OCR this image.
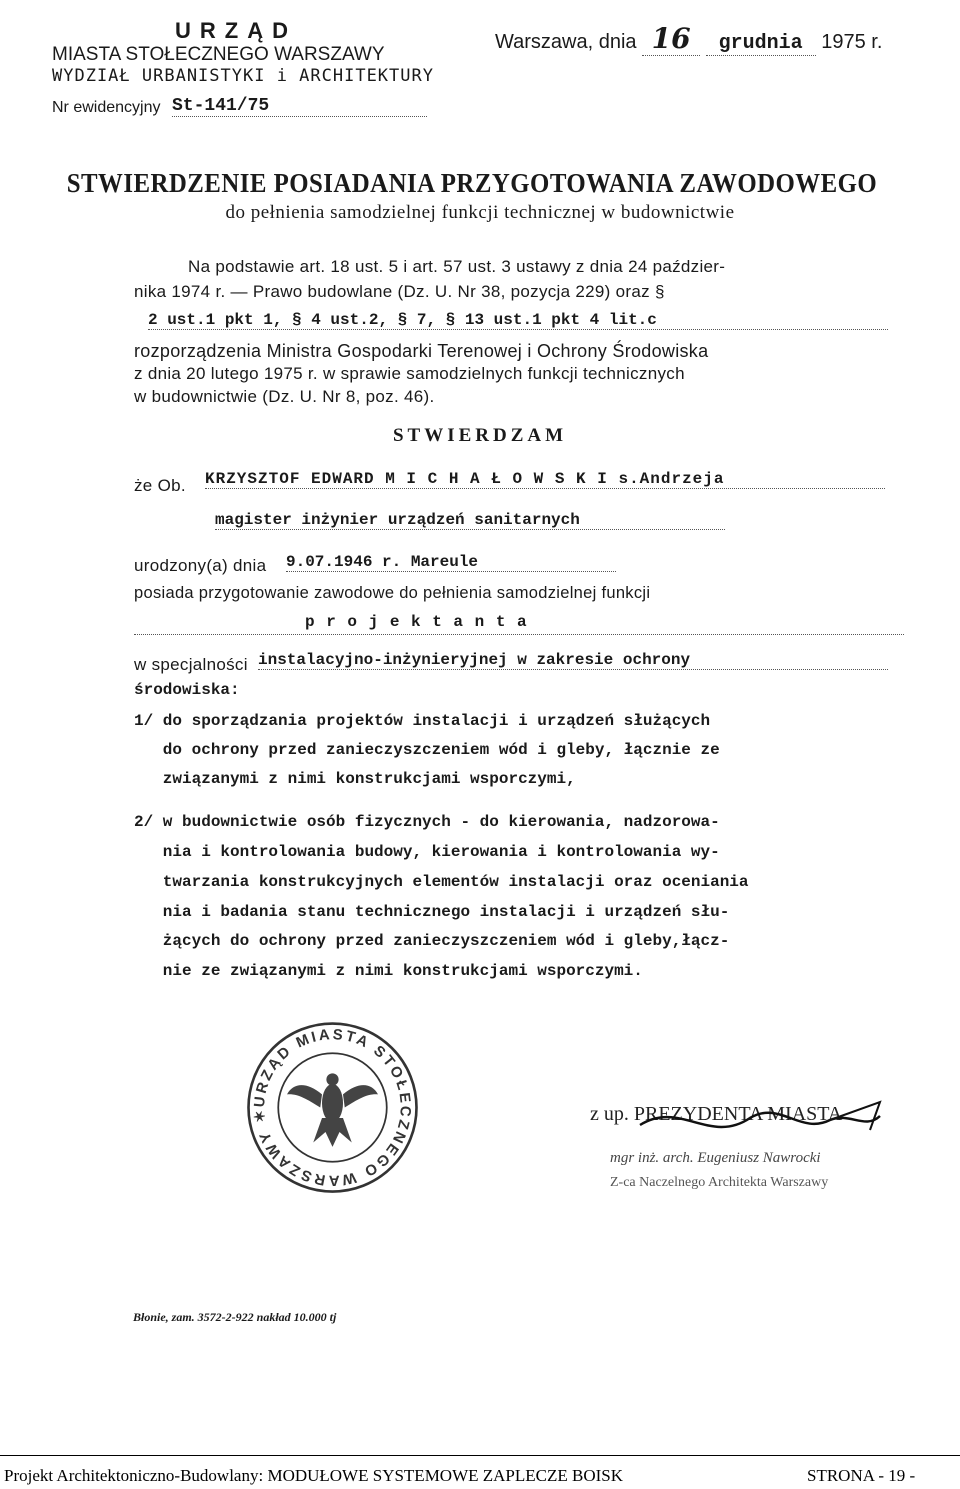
URZĄD
MIASTA STOŁECZNEGO WARSZAWY
WYDZIAŁ URBANISTYKI i ARCHITEKTURY
Nr ewidencyjny St-141/75
Warszawa, dnia 16 grudnia 1975 r.
STWIERDZENIE POSIADANIA PRZYGOTOWANIA ZAWODOWEGO
do pełnienia samodzielnej funkcji technicznej w budownictwie
Na podstawie art. 18 ust. 5 i art. 57 ust. 3 ustawy z dnia 24 paździer-
nika 1974 r. — Prawo budowlane (Dz. U. Nr 38, pozycja 229) oraz §
2 ust.1 pkt 1, § 4 ust.2, § 7, § 13 ust.1 pkt 4 lit.c
rozporządzenia Ministra Gospodarki Terenowej i Ochrony Środowiska
z dnia 20 lutego 1975 r. w sprawie samodzielnych funkcji technicznych
w budownictwie (Dz. U. Nr 8, poz. 46).
STWIERDZAM
że Ob. KRZYSZTOF EDWARD M I C H A Ł O W S K I s.Andrzeja
magister inżynier urządzeń sanitarnych
urodzony(a) dnia 9.07.1946 r. Mareule
posiada przygotowanie zawodowe do pełnienia samodzielnej funkcji
p r o j e k t a n t a
w specjalności instalacyjno-inżynieryjnej w zakresie ochrony
środowiska:
1/ do sporządzania projektów instalacji i urządzeń służących
do ochrony przed zanieczyszczeniem wód i gleby, łącznie ze
związanymi z nimi konstrukcjami wsporczymi,
2/ w budownictwie osób fizycznych - do kierowania, nadzorowa-
nia i kontrolowania budowy, kierowania i kontrolowania wy-
twarzania konstrukcyjnych elementów instalacji oraz oceniania
nia i badania stanu technicznego instalacji i urządzeń słu-
żących do ochrony przed zanieczyszczeniem wód i gleby,łącz-
nie ze związanymi z nimi konstrukcjami wsporczymi.
URZĄD MIASTA STOŁECZNEGO WARSZAWY ✶	z up. PREZYDENTA MIASTA
mgr inż. arch. Eugeniusz Nawrocki
Z-ca Naczelnego Architekta Warszawy
Błonie, zam. 3572-2-922 nakład 10.000 tj
Projekt Architektoniczno-Budowlany: MODUŁOWE SYSTEMOWE ZAPLECZE BOISK	STRONA - 19 -
